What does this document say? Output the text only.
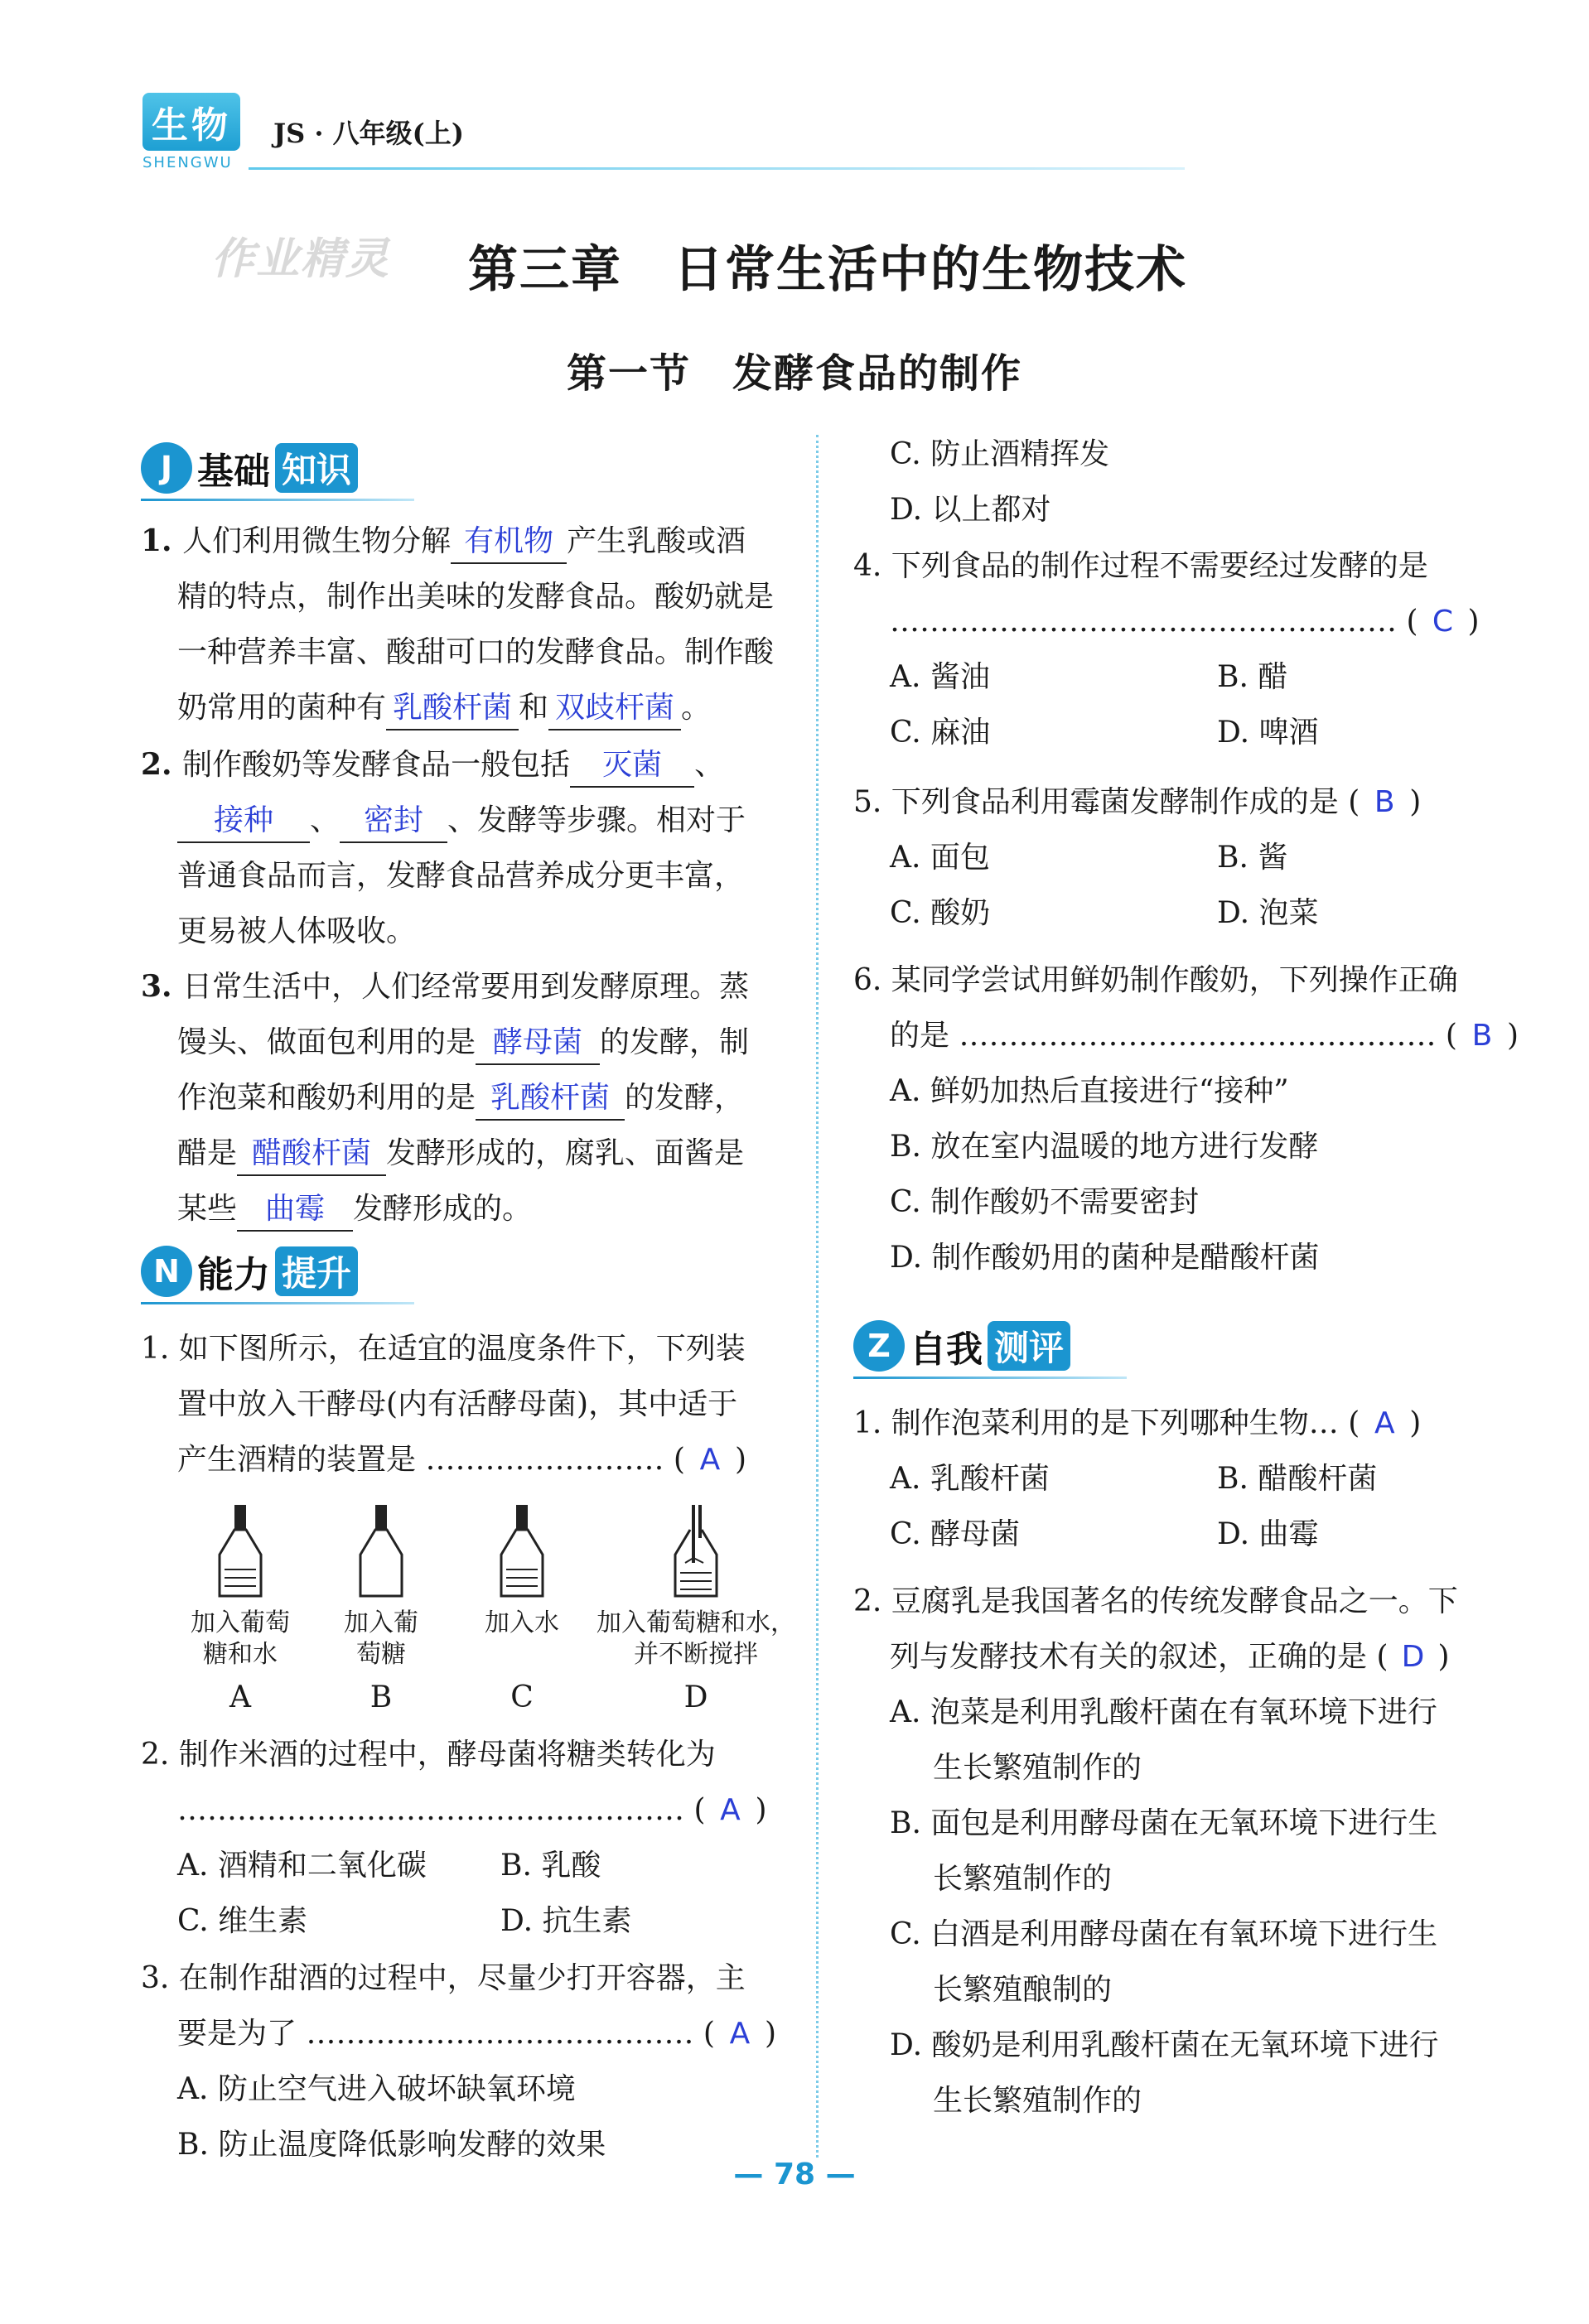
生物
SHENGWU
JS · 八年级(上)
作业精灵 第三章　日常生活中的生物技术
第一节　发酵食品的制作
J 基础 知识
1. 人们利用微生物分解 有机物 产生乳酸或酒
精的特点，制作出美味的发酵食品。酸奶就是
一种营养丰富、酸甜可口的发酵食品。制作酸
奶常用的菌种有 乳酸杆菌 和 双歧杆菌 。
2. 制作酸奶等发酵食品一般包括 灭菌 、
接种 、 密封 、发酵等步骤。相对于
普通食品而言，发酵食品营养成分更丰富，
更易被人体吸收。
3. 日常生活中，人们经常要用到发酵原理。蒸
馒头、做面包利用的是 酵母菌 的发酵，制
作泡菜和酸奶利用的是 乳酸杆菌 的发酵，
醋是 醋酸杆菌 发酵形成的，腐乳、面酱是
某些 曲霉 发酵形成的。
N 能力 提升
1. 如下图所示，在适宜的温度条件下，下列装
置中放入干酵母(内有活酵母菌)，其中适于
产生酒精的装置是 …………………… ( A )
加入葡萄
糖和水
A
加入葡
萄糖
B
加入水
C
加入葡萄糖和水，
并不断搅拌
D
2. 制作米酒的过程中，酵母菌将糖类转化为
…………………………………………… ( A )
A. 酒精和二氧化碳	B. 乳酸
C. 维生素	D. 抗生素
3. 在制作甜酒的过程中，尽量少打开容器，主
要是为了 ………………………………… ( A )
A. 防止空气进入破坏缺氧环境
B. 防止温度降低影响发酵的效果
C. 防止酒精挥发
D. 以上都对
4. 下列食品的制作过程不需要经过发酵的是
…………………………………………… ( C )
A. 酱油	B. 醋
C. 麻油	D. 啤酒
5. 下列食品利用霉菌发酵制作成的是 ( B )
A. 面包	B. 酱
C. 酸奶	D. 泡菜
6. 某同学尝试用鲜奶制作酸奶，下列操作正确
的是 ………………………………………… ( B )
A. 鲜奶加热后直接进行“接种”
B. 放在室内温暖的地方进行发酵
C. 制作酸奶不需要密封
D. 制作酸奶用的菌种是醋酸杆菌
Z 自我 测评
1. 制作泡菜利用的是下列哪种生物… ( A )
A. 乳酸杆菌	B. 醋酸杆菌
C. 酵母菌	D. 曲霉
2. 豆腐乳是我国著名的传统发酵食品之一。下
列与发酵技术有关的叙述，正确的是 ( D )
A. 泡菜是利用乳酸杆菌在有氧环境下进行
生长繁殖制作的
B. 面包是利用酵母菌在无氧环境下进行生
长繁殖制作的
C. 白酒是利用酵母菌在有氧环境下进行生
长繁殖酿制的
D. 酸奶是利用乳酸杆菌在无氧环境下进行
生长繁殖制作的
— 78 —
